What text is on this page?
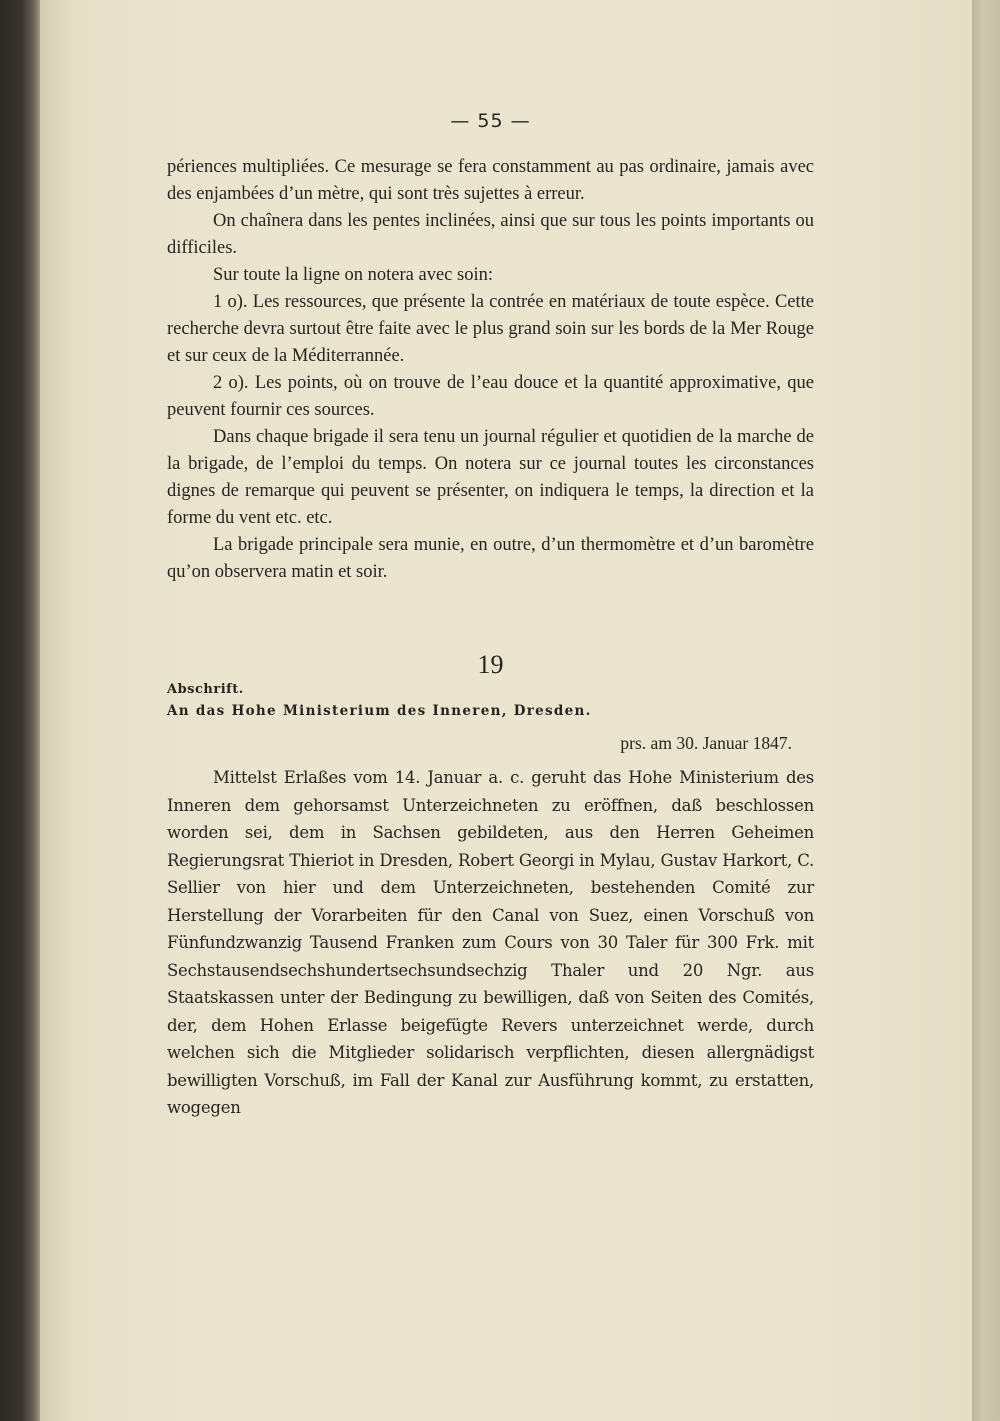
— 55 —

périences multipliées. Ce mesurage se fera constamment au pas ordinaire, jamais avec des enjambées d’un mètre, qui sont très sujettes à erreur.

On chaînera dans les pentes inclinées, ainsi que sur tous les points importants ou difficiles.

Sur toute la ligne on notera avec soin:

1 o). Les ressources, que présente la contrée en matériaux de toute espèce. Cette recherche devra surtout être faite avec le plus grand soin sur les bords de la Mer Rouge et sur ceux de la Méditerrannée.

2 o). Les points, où on trouve de l’eau douce et la quantité approximative, que peuvent fournir ces sources.

Dans chaque brigade il sera tenu un journal régulier et quotidien de la marche de la brigade, de l’emploi du temps. On notera sur ce journal toutes les circonstances dignes de remarque qui peuvent se présenter, on indiquera le temps, la direction et la forme du vent etc. etc.

La brigade principale sera munie, en outre, d’un thermomètre et d’un baromètre qu’on observera matin et soir.

19

Abschrift.

An das Hohe Ministerium des Inneren, Dresden.

prs. am 30. Januar 1847.

Mittelst Erlaßes vom 14. Januar a. c. geruht das Hohe Ministerium des Inneren dem gehorsamst Unterzeichneten zu eröffnen, daß beschlossen worden sei, dem in Sachsen gebildeten, aus den Herren Geheimen Regierungsrat Thieriot in Dresden, Robert Georgi in Mylau, Gustav Harkort, C. Sellier von hier und dem Unterzeichneten, bestehenden Comité zur Herstellung der Vorarbeiten für den Canal von Suez, einen Vorschuß von Fünfundzwanzig Tausend Franken zum Cours von 30 Taler für 300 Frk. mit Sechstausendsechshundertsechsundsechzig Thaler und 20 Ngr. aus Staatskassen unter der Bedingung zu bewilligen, daß von Seiten des Comités, der, dem Hohen Erlasse beigefügte Revers unterzeichnet werde, durch welchen sich die Mitglieder solidarisch verpflichten, diesen allergnädigst bewilligten Vorschuß, im Fall der Kanal zur Ausführung kommt, zu erstatten, wogegen
